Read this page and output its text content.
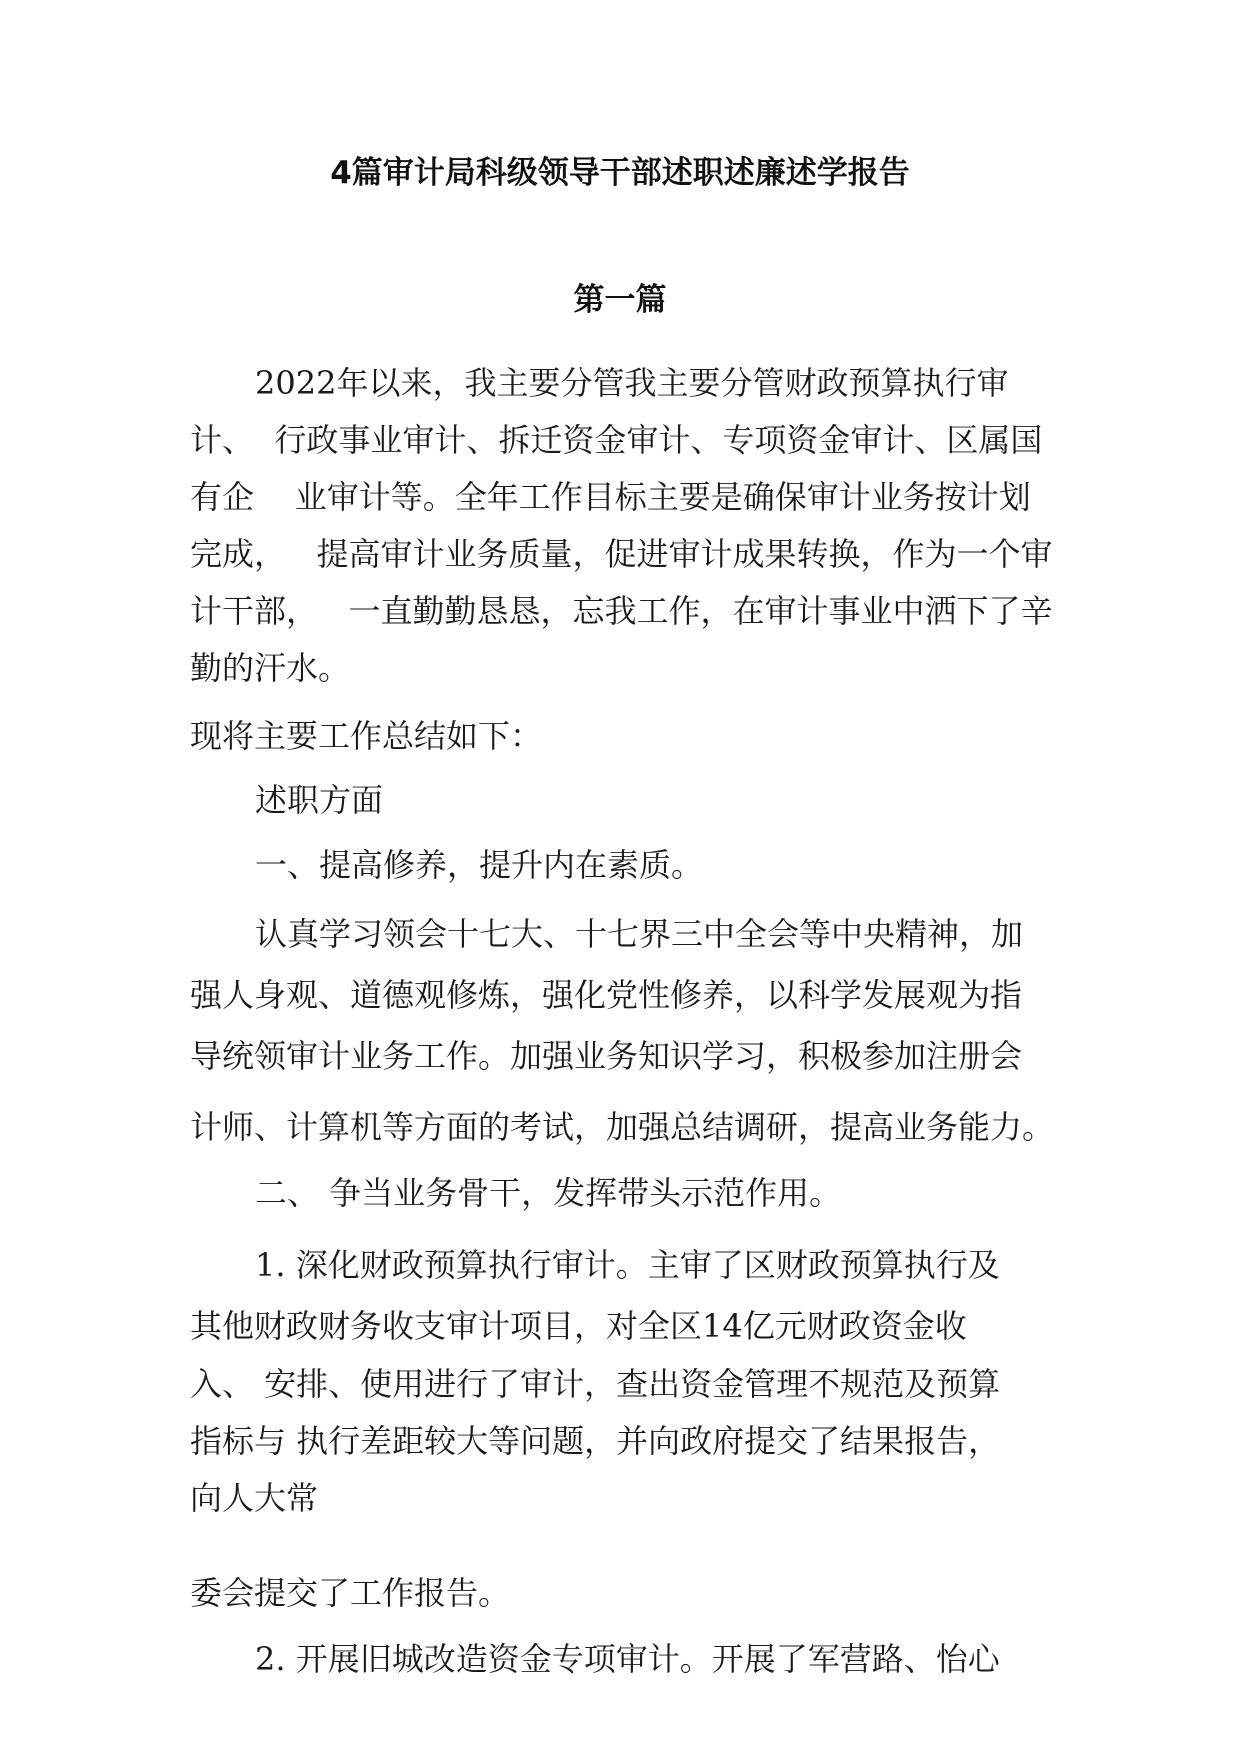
4篇审计局科级领导干部述职述廉述学报告
第一篇

2022年以来，我主要分管我主要分管财政预算执行审

计、  行政事业审计、拆迁资金审计、专项资金审计、区属国

有企    业审计等。全年工作目标主要是确保审计业务按计划

完成，   提高审计业务质量，促进审计成果转换，作为一个审

计干部，   一直勤勤恳恳，忘我工作，在审计事业中洒下了辛

勤的汗水。

现将主要工作总结如下：

述职方面

一、提高修养，提升内在素质。

认真学习领会十七大、十七界三中全会等中央精神，加

强人身观、道德观修炼，强化党性修养，以科学发展观为指

导统领审计业务工作。加强业务知识学习，积极参加注册会

计师、计算机等方面的考试，加强总结调研，提高业务能力。

二、 争当业务骨干，发挥带头示范作用。

1. 深化财政预算执行审计。主审了区财政预算执行及

其他财政财务收支审计项目，对全区14亿元财政资金收

入、 安排、使用进行了审计，查出资金管理不规范及预算

指标与 执行差距较大等问题，并向政府提交了结果报告，

向人大常

委会提交了工作报告。

2. 开展旧城改造资金专项审计。开展了军营路、怡心
